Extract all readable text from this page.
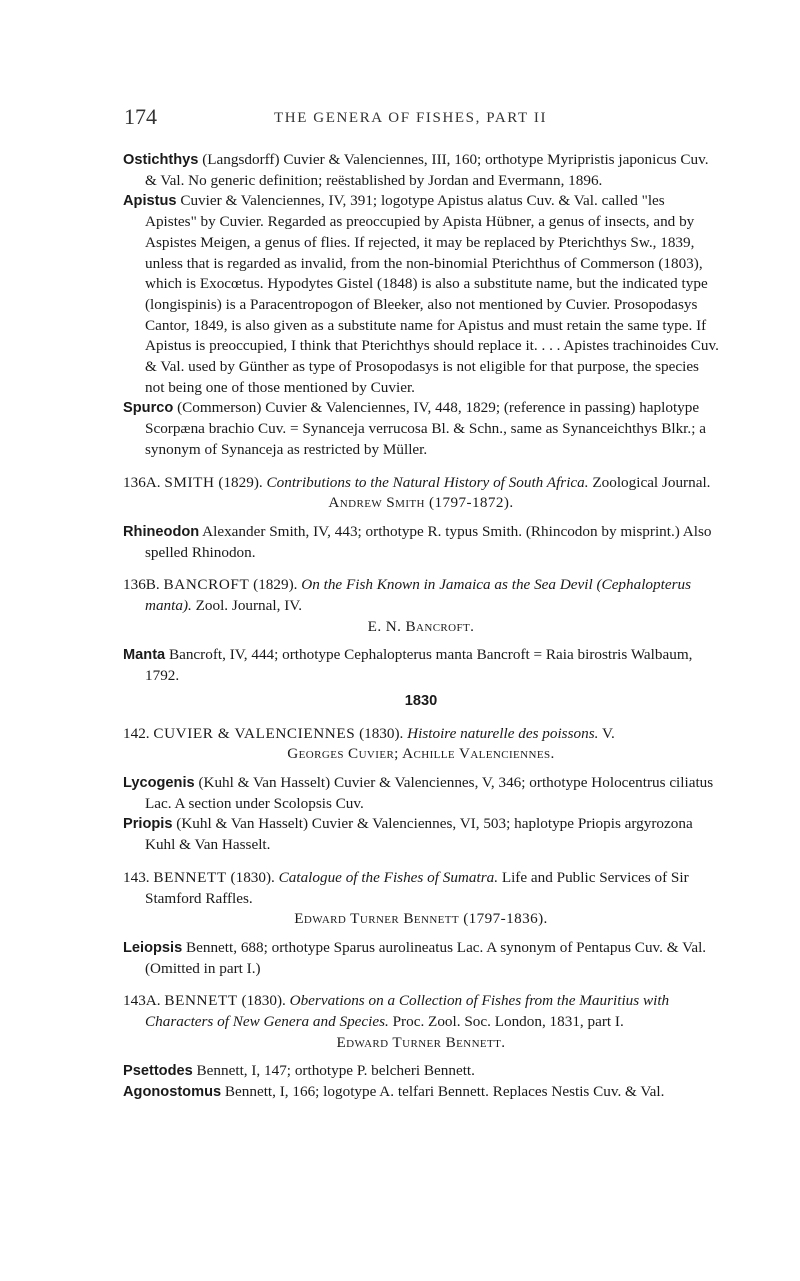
174	THE GENERA OF FISHES, PART II
Ostichthys (Langsdorff) Cuvier & Valenciennes, III, 160; orthotype Myripristis japonicus Cuv. & Val. No generic definition; reëstablished by Jordan and Evermann, 1896.
Apistus Cuvier & Valenciennes, IV, 391; logotype Apistus alatus Cuv. & Val. called "les Apistes" by Cuvier. Regarded as preoccupied by Apista Hübner, a genus of insects, and by Aspistes Meigen, a genus of flies. If rejected, it may be replaced by Pterichthys Sw., 1839, unless that is regarded as invalid, from the non-binomial Pterichthus of Commerson (1803), which is Exocœtus. Hypodytes Gistel (1848) is also a substitute name, but the indicated type (longispinis) is a Paracentropogon of Bleeker, also not mentioned by Cuvier. Prosopodasys Cantor, 1849, is also given as a substitute name for Apistus and must retain the same type. If Apistus is preoccupied, I think that Pterichthys should replace it. . . . Apistes trachinoides Cuv. & Val. used by Günther as type of Prosopodasys is not eligible for that purpose, the species not being one of those mentioned by Cuvier.
Spurco (Commerson) Cuvier & Valenciennes, IV, 448, 1829; (reference in passing) haplotype Scorpæna brachio Cuv. = Synanceja verrucosa Bl. & Schn., same as Synanceichthys Blkr.; a synonym of Synanceja as restricted by Müller.
136A. SMITH (1829). Contributions to the Natural History of South Africa. Zoological Journal.
Andrew Smith (1797-1872).
Rhineodon Alexander Smith, IV, 443; orthotype R. typus Smith. (Rhincodon by misprint.) Also spelled Rhinodon.
136B. BANCROFT (1829). On the Fish Known in Jamaica as the Sea Devil (Cephalopterus manta). Zool. Journal, IV.
E. N. Bancroft.
Manta Bancroft, IV, 444; orthotype Cephalopterus manta Bancroft = Raia birostris Walbaum, 1792.
1830
142. CUVIER & VALENCIENNES (1830). Histoire naturelle des poissons. V.
Georges Cuvier; Achille Valenciennes.
Lycogenis (Kuhl & Van Hasselt) Cuvier & Valenciennes, V, 346; orthotype Holocentrus ciliatus Lac. A section under Scolopsis Cuv.
Priopis (Kuhl & Van Hasselt) Cuvier & Valenciennes, VI, 503; haplotype Priopis argyrozona Kuhl & Van Hasselt.
143. BENNETT (1830). Catalogue of the Fishes of Sumatra. Life and Public Services of Sir Stamford Raffles.
Edward Turner Bennett (1797-1836).
Leiopsis Bennett, 688; orthotype Sparus aurolineatus Lac. A synonym of Pentapus Cuv. & Val. (Omitted in part I.)
143A. BENNETT (1830). Obervations on a Collection of Fishes from the Mauritius with Characters of New Genera and Species. Proc. Zool. Soc. London, 1831, part I.
Edward Turner Bennett.
Psettodes Bennett, I, 147; orthotype P. belcheri Bennett.
Agonostomus Bennett, I, 166; logotype A. telfari Bennett. Replaces Nestis Cuv. & Val.
